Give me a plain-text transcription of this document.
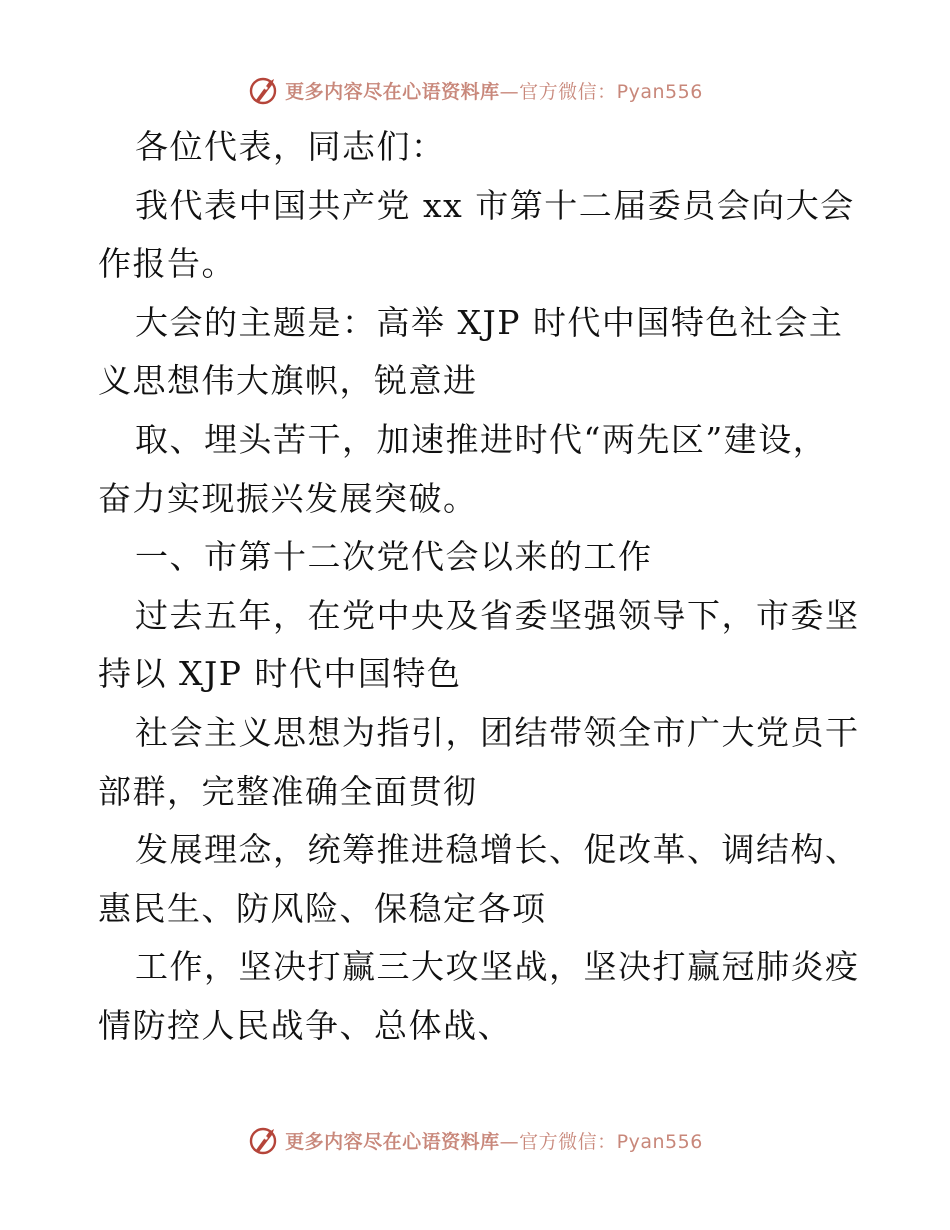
更多内容尽在心语资料库—官方微信：Pyan556
各位代表，同志们：
我代表中国共产党 xx 市第十二届委员会向大会
作报告。
大会的主题是：高举 XJP 时代中国特色社会主
义思想伟大旗帜，锐意进
取、埋头苦干，加速推进时代“两先区”建设，
奋力实现振兴发展突破。
一、市第十二次党代会以来的工作
过去五年，在党中央及省委坚强领导下，市委坚
持以 XJP 时代中国特色
社会主义思想为指引，团结带领全市广大党员干
部群，完整准确全面贯彻
发展理念，统筹推进稳增长、促改革、调结构、
惠民生、防风险、保稳定各项
工作，坚决打赢三大攻坚战，坚决打赢冠肺炎疫
情防控人民战争、总体战、
更多内容尽在心语资料库—官方微信：Pyan556
